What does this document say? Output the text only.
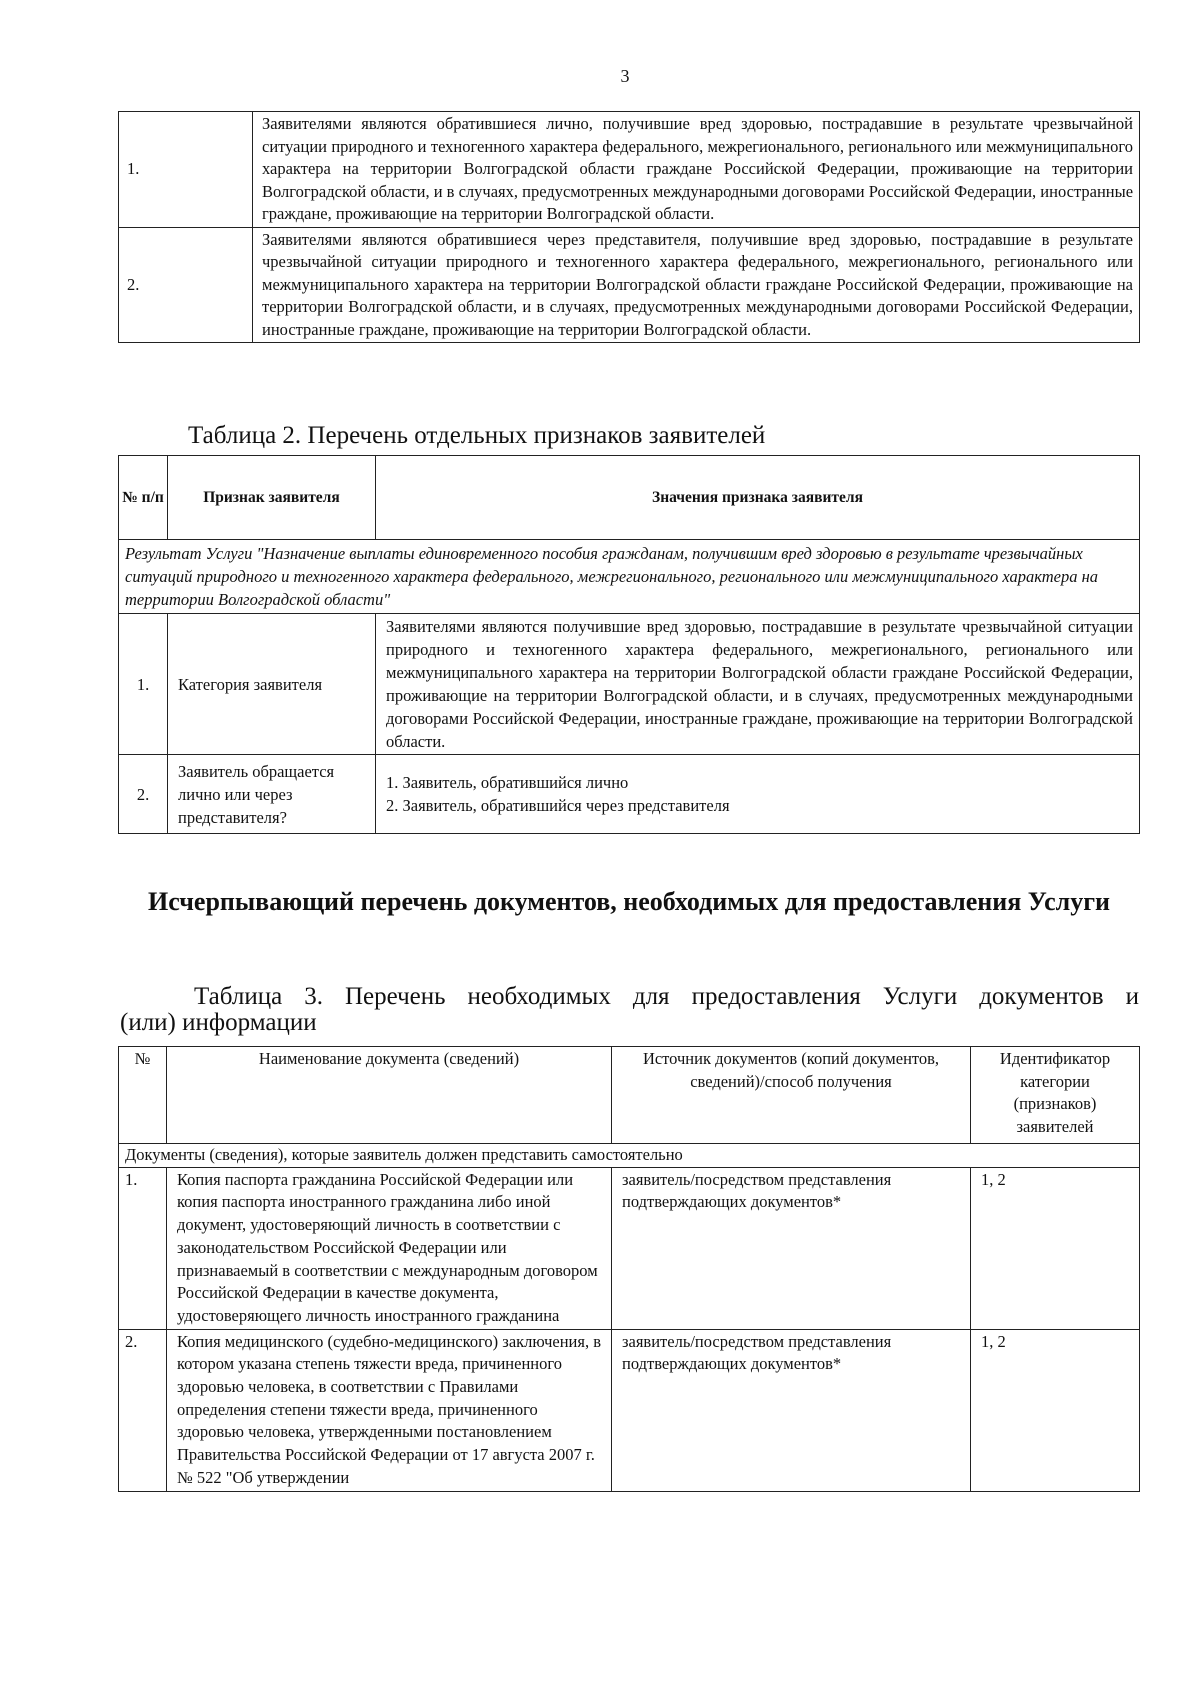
3
1.	Заявителями являются обратившиеся лично, получившие вред здоровью, пострадавшие в результате чрезвычайной ситуации природного и техногенного характера федерального, межрегионального, регионального или межмуниципального характера на территории Волгоградской области граждане Российской Федерации, проживающие на территории Волгоградской области, и в случаях, предусмотренных международными договорами Российской Федерации, иностранные граждане, проживающие на территории Волгоградской области.
2.	Заявителями являются обратившиеся через представителя, получившие вред здоровью, пострадавшие в результате чрезвычайной ситуации природного и техногенного характера федерального, межрегионального, регионального или межмуниципального характера на территории Волгоградской области граждане Российской Федерации, проживающие на территории Волгоградской области, и в случаях, предусмотренных международными договорами Российской Федерации, иностранные граждане, проживающие на территории Волгоградской области.
Таблица 2. Перечень отдельных признаков заявителей
№ п/п	Признак заявителя	Значения признака заявителя
Результат Услуги "Назначение выплаты единовременного пособия гражданам, получившим вред здоровью в результате чрезвычайных ситуаций природного и техногенного характера федерального, межрегионального, регионального или межмуниципального характера на территории Волгоградской области"		
1.	Категория заявителя	Заявителями являются получившие вред здоровью, пострадавшие в результате чрезвычайной ситуации природного и техногенного характера федерального, межрегионального, регионального или межмуниципального характера на территории Волгоградской области граждане Российской Федерации, проживающие на территории Волгоградской области, и в случаях, предусмотренных международными договорами Российской Федерации, иностранные граждане, проживающие на территории Волгоградской области.
2.	Заявитель обращается лично или через представителя?	1. Заявитель, обратившийся лично
2. Заявитель, обратившийся через представителя
Исчерпывающий перечень документов, необходимых для предоставления Услуги
Таблица 3. Перечень необходимых для предоставления Услуги документов и
(или) информации
№	Наименование документа (сведений)	Источник документов (копий документов, сведений)/способ получения	Идентификатор категории (признаков) заявителей
Документы (сведения), которые заявитель должен представить самостоятельно			
1.	Копия паспорта гражданина Российской Федерации или копия паспорта иностранного гражданина либо иной документ, удостоверяющий личность в соответствии с законодательством Российской Федерации или признаваемый в соответствии с международным договором Российской Федерации в качестве документа, удостоверяющего личность иностранного гражданина	заявитель/посредством представления подтверждающих документов*	1, 2
2.	Копия медицинского (судебно-медицинского) заключения, в котором указана степень тяжести вреда, причиненного здоровью человека, в соответствии с Правилами определения степени тяжести вреда, причиненного здоровью человека, утвержденными постановлением Правительства Российской Федерации от 17 августа 2007 г. № 522 "Об утверждении	заявитель/посредством представления подтверждающих документов*	1, 2
